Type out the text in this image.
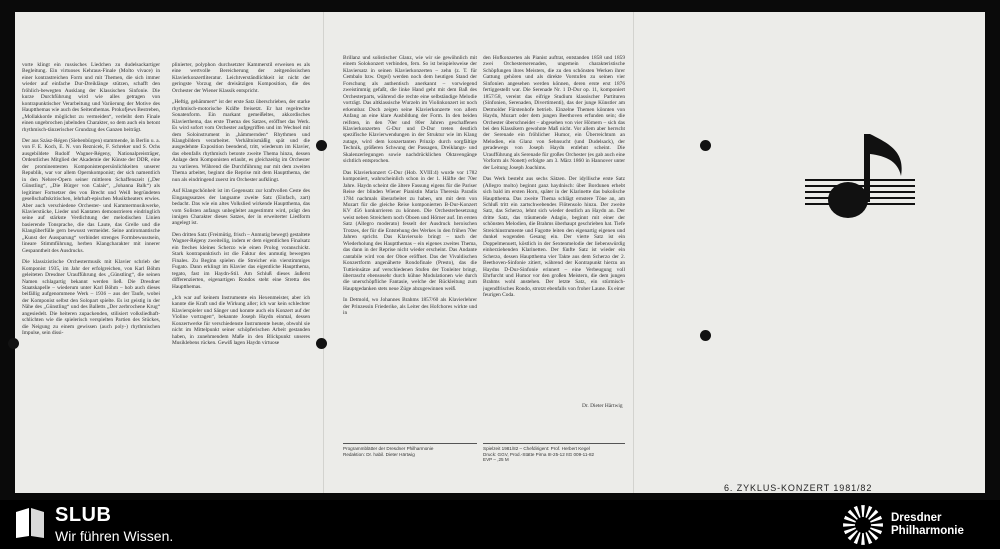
vorte klingt ein russisches Liedchen zu dudelsackartiger Begleitung. Ein virtuoses Kehraus-Finale (Molto vivace) in einer kontrastreichen Form und mit Themen, die sich immer wieder auf einfache Dur-Dreiklänge stützen, schafft den fröhlich-bewegten Ausklang der Klassischen Sinfonie. Die kurze Durchführung wird wie alles getragen von kontrapunktischer Verarbeitung und Variierung der Motive des Hauptthemas wie auch des Seitenthemas. Prokofjews Bestreben, „Mollakkorde möglichst zu vermeiden“, verleiht dem Finale einen ungebrochen jubelnden Charakter, so dem auch ein betont rhythmisch-tänzerischer Grundzug des Ganzen beiträgt.

Der aus Szász-Régen (Siebenbürgen) stammende, in Berlin u. a. von F. E. Koch, E. N. von Reznicek, F. Schreker und S. Ochs ausgebildete Rudolf Wagner-Régeny, Nationalpreisträger, Ordentliches Mitglied der Akademie der Künste der DDR, eine der prominentesten Komponistenpersönlichkeiten unserer Republik, war vor allem Opernkomponist; der sich namentlich in den Nehrer-Opern seiner mittleren Schaffenszeit („Der Günstling“, „Die Bürger von Calais“, „Johanna Balk“) als legitimer Fortsetzer des von Brecht und Weill begründeten gesellschaftskritischen, lehrhaft-epischen Musiktheaters erwies. Aber auch verschiedene Orchester- und Kammermusikwerke, Klavierstücke, Lieder und Kantaten demonstrieren eindringlich seine auf stärkste Verdichtung der melodischen Linien basierende Tonsprache, die das Laute, das Grelle und die Klangüberfülle gern bewusst vermeidet. Seine antiromantische „Kunst der Aussparung“ verbindet strenges Formbewusstsein, lineare Stimmführung, herben Klangcharakter mit innerer Gespanntheit des Ausdrucks.

Die klassizistische Orchestermusik mit Klavier schrieb der Komponist 1935, im Jahr der erfolgreichen, von Karl Böhm geleiteten Dresdner Uraufführung des „Günstling“, die seinen Namen schlagartig bekannt werden ließ. Die Dresdner Staatskapelle – wiederum unter Karl Böhm – hob auch dieses beifällig aufgenommene Werk – 1936 – aus der Taufe, wobei der Komponist selbst den Solopart spielte. Es ist geistig in der Nähe des „Günstling“ und des Balletts „Der zerbrochene Krug“ angesiedelt. Die heiteren zupackenden, stilisiert volksliedhaft-schlichten wie die spielerisch verspielten Partien des Stückes, die Neigung zu einem gewissen (auch poly-) rhythmischen Impulse, sein dissi-

plinierter, polyphon durchsetzter Kammerstil erweisen es als eine wertvolle Bereicherung der zeitgenössischen Klavierkonzertliteratur. Leichtverständlichkeit ist nicht der geringste Vorzug der dreisätzigen Komposition, die des Orchester der Wiener Klassik entspricht.

„Heftig, gehämmert“ ist der erste Satz überschrieben, der starke rhythmisch-motorische Kräfte freisetzt. Er hat regelrechte Sonatenform. Ein markant gemeißeltes, akkordisches Klavierthema, das erste Thema des Satzes, eröffnet das Werk. Es wird sofort vom Orchester aufgegriffen und im Wechsel mit dem Soloinstrument in „hämmernden“ Rhythmen und Klangbildern verarbeitet. Verhältnismäßig spät und die ausgedehnte Exposition beendend, tritt, wiederum im Klavier, das ebenfalls rhythmisch betonte zweite Thema hinzu, dessen Anlage dem Komponisten erlaubt, es gleichzeitig im Orchester zu variieren. Während die Durchführung nur mit dem zweiten Thema arbeitet, beginnt die Reprise mit dem Hauptthema, der nun als eindringend zuerst im Orchester aufklingt.

Auf Klangschönheit ist im Gegensatz zur kraftvollen Ceste des Eingangssatzes der langsame zweite Satz (Einfach, zart) bedacht. Das wie ein altes Volkslied wirkende Hauptthema, das vom Solisten anfangs unbegleitet angestimmt wird, prägt den innigen Charakter dieses Satzes, der in erweiterter Liedform angelegt ist.

Den dritten Satz (Freimütig, frisch – Anmutig bewegt) gestaltete Wagner-Régeny zweiteilig, indem er dem eigentlichen Finalsatz ein freches kleines Scherzo wie einen Prolog voranschickt. Stark kontrapunktisch ist die Faktur des anmutig bewegten Finales. Zu Beginn spielen die Streicher ein vierstimmiges Fugato. Dann erklingt im Klavier das eigentliche Hauptthema, tegato, fast im Haydn-Stil. Am Schluß dieses äußerst differenzierten, eigenartigen Rondos steht eine Stretta des Hauptthemas.

„Ich war auf keinem Instrumente ein Hexenmeister, aber ich kannte die Kraft und die Wirkung aller; ich war kein schlechter Klavierspieler und Sänger und konnte auch ein Konzert auf der Violine vortragen“, bekannte Joseph Haydn einmal, dessen Konzertwerke für verschiedenste Instrumente heute, obwohl sie nicht im Mittelpunkt seiner schöpferischen Arbeit gestanden haben, in zunehmendem Maße in den Blickpunkt unseres Musiklebens rücken. Gewiß lagen Haydn virtuose

Brillanz und solistischer Glanz, wie wir sie gewöhnlich mit einem Solokonzert verbinden, fern. So ist beispielsweise der Klaviersatz in seinen Klavierkonzerten – zehn (z. T. für Cembalo bzw. Orgel) werden noch dem heutigen Stand der Forschung als authentisch anerkannt – vorwiegend zweistimmig gefaßt, die linke Hand geht mit dem Baß des Orchesterparts, während die rechte eine selbständige Melodie vorträgt. Das altklassische Wurzeln im Violinkonzert ist noch erkennbar. Doch zeigen seine Klavierkonzerte von allem Anfang an eine klare Ausbildung der Form. In den beiden reifsten, in den 70er und 80er Jahren geschaffenen Klavierkonzerten G-Dur und D-Dur treten deutlich spezifische Klavierwendungen in der Struktur wie im Klang zutage, wird dem konzertanten Prinzip durch sorgfältige Technik, größeren Schwung der Passagen, Dreiklangs- und Skalenzerlegungen sowie nachdrücklichen Oktavengänge sichtlich entsprochen.

Das Klavierkonzert G-Dur (Hob. XVIII:4) wurde vor 1782 komponiert, wahrscheinlich schon in der 1. Hälfte der 70er Jahre. Haydn scheint die ältere Fassung eigens für die Pariser Reise der blinden Wiener Pianistin Maria Theresia Paradis 1784 nachmals überarbeitet zu haben, um mit dem von Mozart für die gleiche Reise komponierten B-Dur-Konzert KV 456 konkurrieren zu können. Die Orchesterbesetzung weist neben Streichern noch Oboen und Hörner auf. Im ersten Satz (Allegro moderato) fesselt der Ausdruck heroischen Trotzes, der für die Entstehung des Werkes in den frühen 70er Jahren spricht. Das Klaviersolo bringt – nach der Wiederholung des Hauptthemas – ein eigenes zweites Thema, das dann in der Reprise nicht wieder erscheint. Das Andante cantabile wird von der Oboe eröffnet. Das der Vivaldischen Konzertform angenäherte Rondofinale (Presto), das die Tuttieinsätze auf verschiedenen Stufen der Tonleiter bringt, überrascht ebensosehr durch kühne Modulationen wie durch die unerschöpfliche Fantasie, welche der Rückleitung zum Hauptgedanken stets neue Züge abzugewinnen weiß.

In Detmold, wo Johannes Brahms 1857/60 als Klavierlehrer der Prinzessin Friederike, als Leiter des Hofchores wirkte und in

den Hofkonzerten als Pianist auftrat, entstanden 1858 und 1859 zwei Orchesterserenaden, ungemein charakteristische Schöpfungen ihres Meisters, die zu den schönsten Werken ihrer Gattung gehören und als direkte Vorstufen zu seinen vier Sinfonien angesehen werden können, deren erste erst 1876 fertiggestellt war. Die Serenade Nr. 1 D-Dur op. 11, komponiert 1857/58, vereint das eifrige Studium klassischer Partituren (Sinfonien, Serenaden, Divertimenti), das der junge Künstler am Detmolder Fürstenhofe betrieb. Einzelne Themen könnten von Haydn, Mozart oder dem jungen Beethoven erfunden sein; die Orchester überschneidet – abgesehen von vier Hörnern – sich das bei den Klassikern gewohnte Maß nicht. Vor allem aber herrscht der Serenade ein fröhlicher Humor, ein Überreichtum an Melodien, ein Glanz von Sehnsucht (und Dudelsack), der geradewegs von Joseph Haydn entlehnt scheint. Die Uraufführung als Serenade für großes Orchester (es gab auch eine Vorform als Nonett) erfolgte am 3. März 1860 in Hannover unter der Leitung Joseph Joachims.

Das Werk besteht aus sechs Sätzen. Der idyllische erste Satz (Allegro molto) beginnt ganz haydnisch: über Bordunen erhebt sich bald im ersten Horn, später in der Klarinette das bukolische Hauptthema. Das zweite Thema schlägt ernstere Töne an, am Schluß tritt ein zartschwebendes Flötensolo hinzu. Der zweite Satz, das Scherzo, lehnt sich wieder deutlich an Haydn an. Der dritte Satz, das träumende Adagio, beginnt mit einer der schönsten Melodien, die Brahms überhaupt geschrieben hat. Tiefe Streichinstrumente und Fagotte leiten den eigenartig eigenen und dunkel wogenden Gesang ein. Der vierte Satz ist ein Doppelmenuett, köstlich in der Sextenmelodie der liebenswürdig einherziehenden Klarinetten. Der fünfte Satz ist wieder ein Scherzo, dessen Hauptthema vier Takte aus dem Scherzo der 2. Beethoven-Sinfonie zitiert, während der Kontrapunkt hierzu an Haydns D-Dur-Sinfonie erinnert – eine Verbeugung voll Ehrfurcht und Humor vor den großen Meistern, die dem jungen Brahms wohl anstehen. Der letzte Satz, ein stürmisch-jugendfrisches Rondo, strotzt ebenfalls von froher Laune. Es einer feurigen Coda.

Dr. Dieter Härtwig
Programmblätter der Dresdner Philharmonie
Redaktion: Dr. habil. Dieter Härtwig
Spielzeit 1981/82 – Chefdirigent: Prof. Herbert Kegel
Druck: GGV, Prod.-Stätte Pirna III-25-12 ItG 009-11-82
EVP – ,25 M
6. ZYKLUS-KONZERT 1981/82
SLUB
Wir führen Wissen.
Dresdner
Philharmonie
